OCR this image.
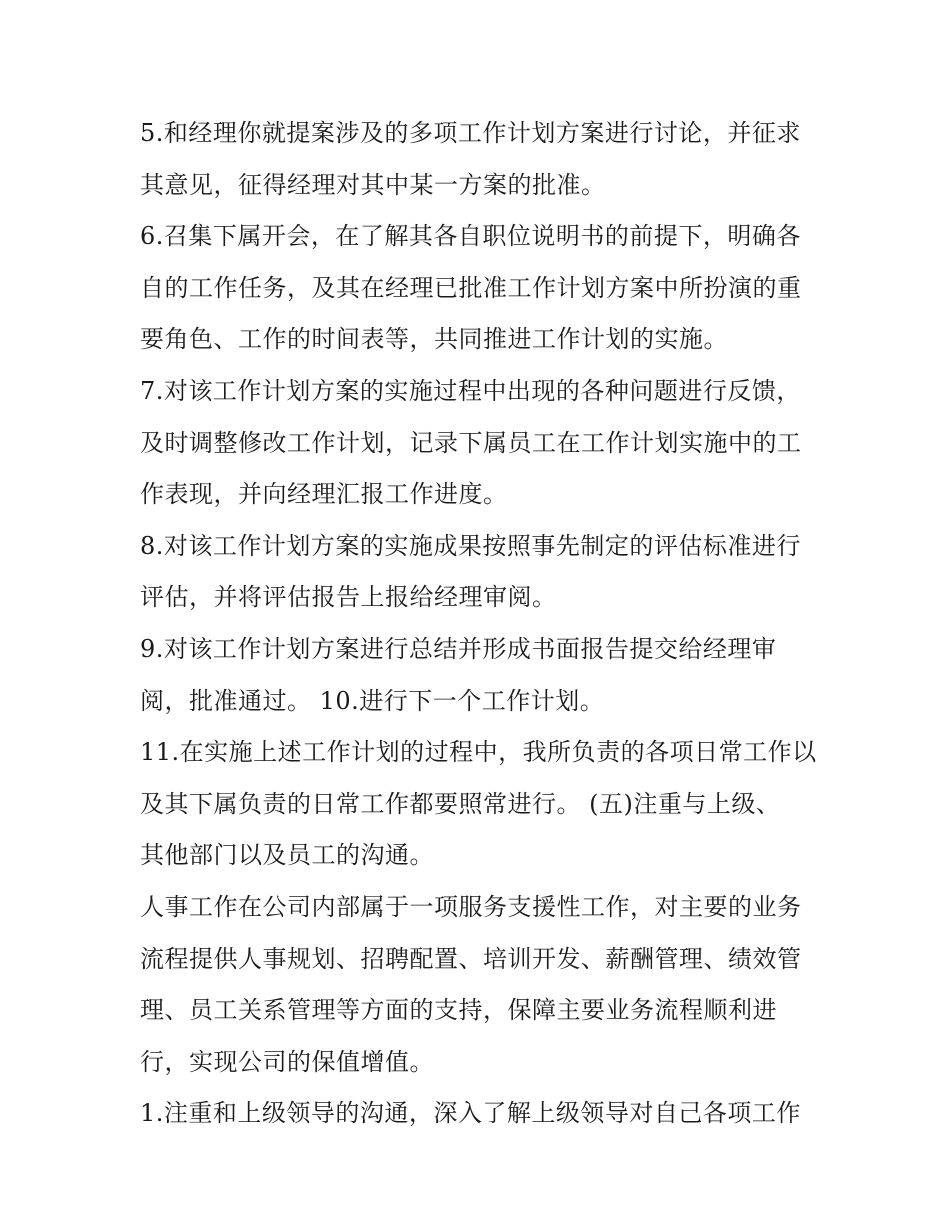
5.和经理你就提案涉及的多项工作计划方案进行讨论，并征求
其意见，征得经理对其中某一方案的批准。
6.召集下属开会，在了解其各自职位说明书的前提下，明确各
自的工作任务，及其在经理已批准工作计划方案中所扮演的重
要角色、工作的时间表等，共同推进工作计划的实施。
7.对该工作计划方案的实施过程中出现的各种问题进行反馈，
及时调整修改工作计划，记录下属员工在工作计划实施中的工
作表现，并向经理汇报工作进度。
8.对该工作计划方案的实施成果按照事先制定的评估标准进行
评估，并将评估报告上报给经理审阅。
9.对该工作计划方案进行总结并形成书面报告提交给经理审
阅，批准通过。 10.进行下一个工作计划。
11.在实施上述工作计划的过程中，我所负责的各项日常工作以
及其下属负责的日常工作都要照常进行。 (五)注重与上级、
其他部门以及员工的沟通。
人事工作在公司内部属于一项服务支援性工作，对主要的业务
流程提供人事规划、招聘配置、培训开发、薪酬管理、绩效管
理、员工关系管理等方面的支持，保障主要业务流程顺利进
行，实现公司的保值增值。
1.注重和上级领导的沟通，深入了解上级领导对自己各项工作
